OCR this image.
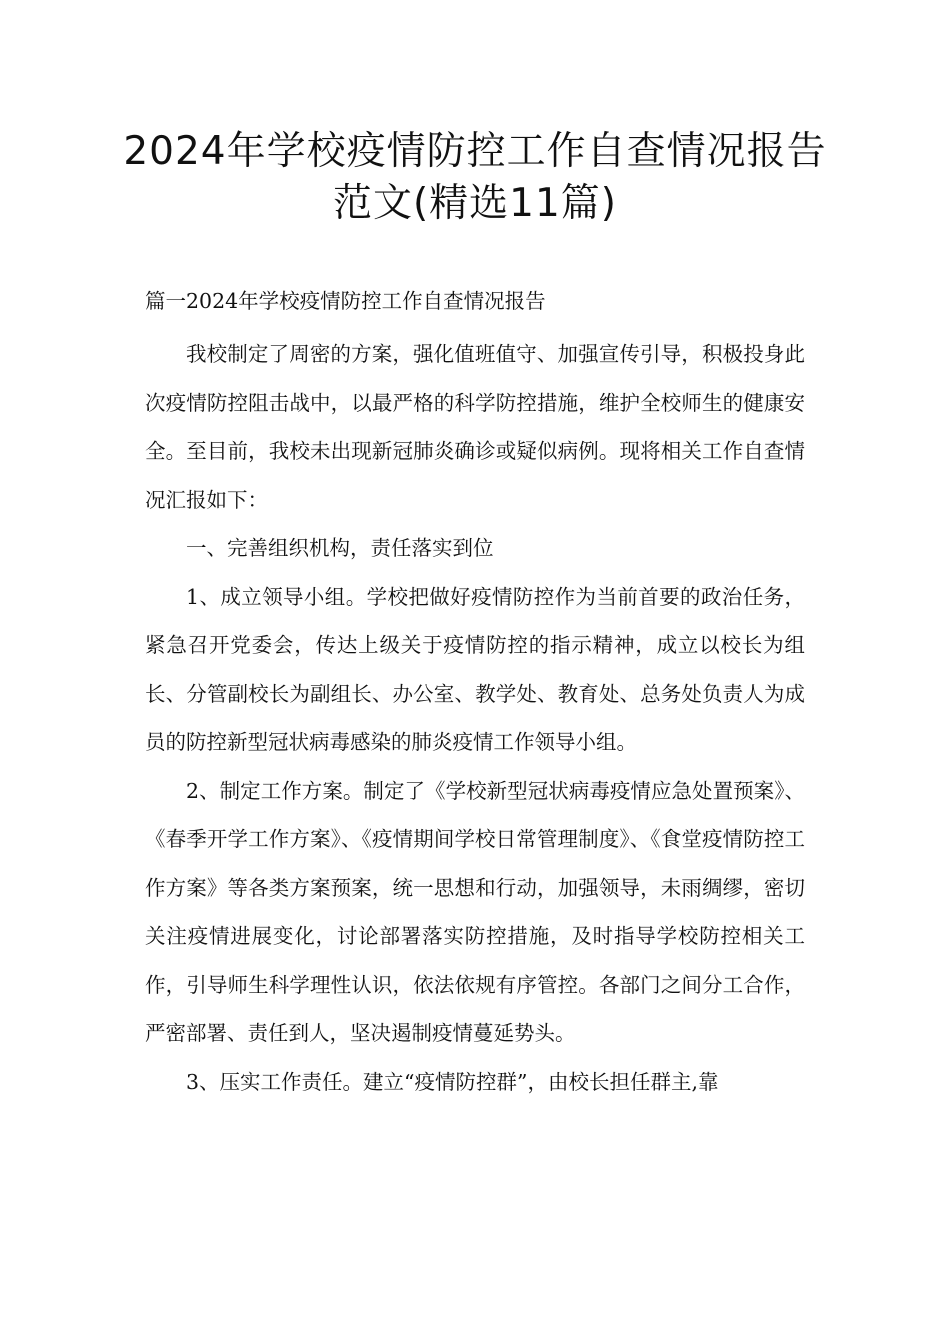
2024年学校疫情防控工作自查情况报告
范文(精选11篇)

篇一2024年学校疫情防控工作自查情况报告

我校制定了周密的方案，强化值班值守、加强宣传引导，积极投身此次疫情防控阻击战中，以最严格的科学防控措施，维护全校师生的健康安全。至目前，我校未出现新冠肺炎确诊或疑似病例。现将相关工作自查情况汇报如下：

一、完善组织机构，责任落实到位

1、成立领导小组。学校把做好疫情防控作为当前首要的政治任务，紧急召开党委会，传达上级关于疫情防控的指示精神，成立以校长为组长、分管副校长为副组长、办公室、教学处、教育处、总务处负责人为成员的防控新型冠状病毒感染的肺炎疫情工作领导小组。

2、制定工作方案。制定了《学校新型冠状病毒疫情应急处置预案》、《春季开学工作方案》、《疫情期间学校日常管理制度》、《食堂疫情防控工作方案》等各类方案预案，统一思想和行动，加强领导，未雨绸缪，密切关注疫情进展变化，讨论部署落实防控措施，及时指导学校防控相关工作，引导师生科学理性认识，依法依规有序管控。各部门之间分工合作，严密部署、责任到人，坚决遏制疫情蔓延势头。

3、压实工作责任。建立“疫情防控群”，由校长担任群主,靠
